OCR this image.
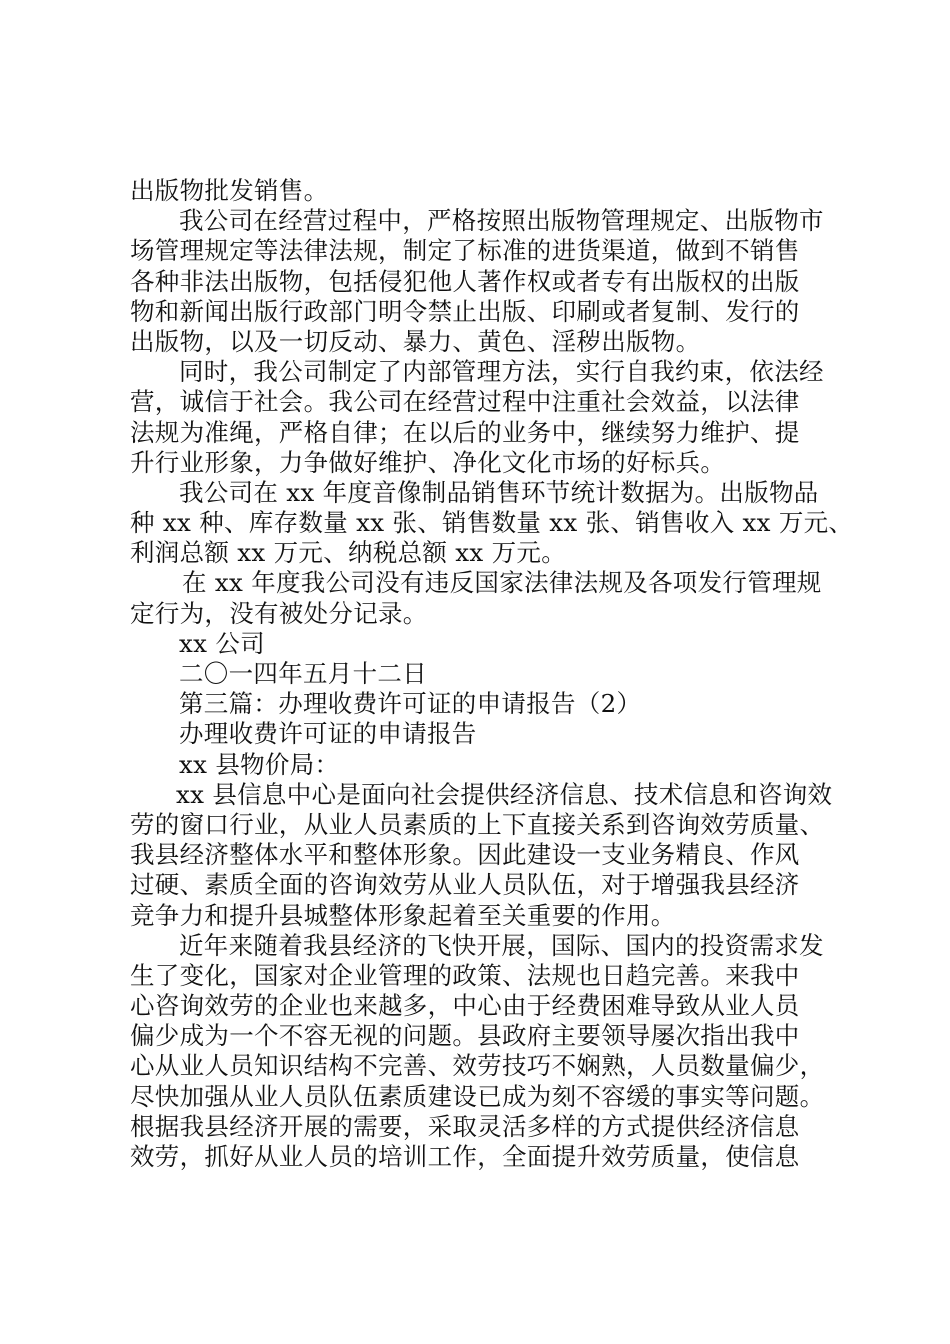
出版物批发销售。
我公司在经营过程中，严格按照出版物管理规定、出版物市
场管理规定等法律法规，制定了标准的进货渠道，做到不销售
各种非法出版物，包括侵犯他人著作权或者专有出版权的出版
物和新闻出版行政部门明令禁止出版、印刷或者复制、发行的
出版物，以及一切反动、暴力、黄色、淫秽出版物。
同时，我公司制定了内部管理方法，实行自我约束，依法经
营，诚信于社会。我公司在经营过程中注重社会效益，以法律
法规为准绳，严格自律；在以后的业务中，继续努力维护、提
升行业形象，力争做好维护、净化文化市场的好标兵。
我公司在 xx 年度音像制品销售环节统计数据为。出版物品
种 xx 种、库存数量 xx 张、销售数量 xx 张、销售收入 xx 万元、
利润总额 xx 万元、纳税总额 xx 万元。
在 xx 年度我公司没有违反国家法律法规及各项发行管理规
定行为，没有被处分记录。
xx 公司
二〇一四年五月十二日
第三篇：办理收费许可证的申请报告（2）
办理收费许可证的申请报告
xx 县物价局：
xx 县信息中心是面向社会提供经济信息、技术信息和咨询效
劳的窗口行业，从业人员素质的上下直接关系到咨询效劳质量、
我县经济整体水平和整体形象。因此建设一支业务精良、作风
过硬、素质全面的咨询效劳从业人员队伍，对于增强我县经济
竞争力和提升县城整体形象起着至关重要的作用。
近年来随着我县经济的飞快开展，国际、国内的投资需求发
生了变化，国家对企业管理的政策、法规也日趋完善。来我中
心咨询效劳的企业也来越多，中心由于经费困难导致从业人员
偏少成为一个不容无视的问题。县政府主要领导屡次指出我中
心从业人员知识结构不完善、效劳技巧不娴熟，人员数量偏少，
尽快加强从业人员队伍素质建设已成为刻不容缓的事实等问题。
根据我县经济开展的需要，采取灵活多样的方式提供经济信息
效劳，抓好从业人员的培训工作，全面提升效劳质量，使信息
